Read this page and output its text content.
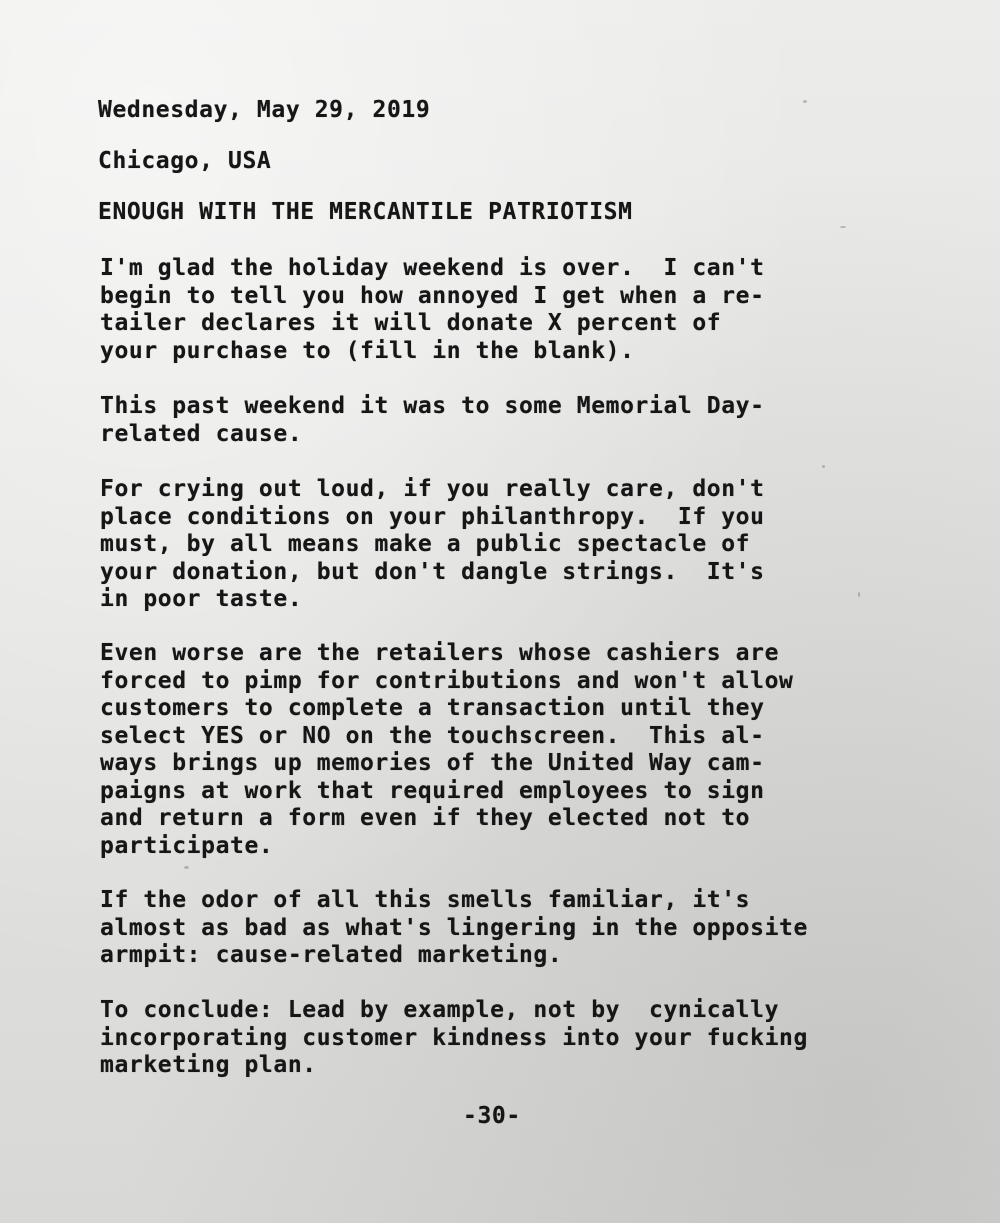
Wednesday, May 29, 2019
Chicago, USA
ENOUGH WITH THE MERCANTILE PATRIOTISM
I'm glad the holiday weekend is over.  I can't
begin to tell you how annoyed I get when a re-
tailer declares it will donate X percent of
your purchase to (fill in the blank).
This past weekend it was to some Memorial Day-
related cause.
For crying out loud, if you really care, don't
place conditions on your philanthropy.  If you
must, by all means make a public spectacle of
your donation, but don't dangle strings.  It's
in poor taste.
Even worse are the retailers whose cashiers are
forced to pimp for contributions and won't allow
customers to complete a transaction until they
select YES or NO on the touchscreen.  This al-
ways brings up memories of the United Way cam-
paigns at work that required employees to sign
and return a form even if they elected not to
participate.
If the odor of all this smells familiar, it's
almost as bad as what's lingering in the opposite
armpit: cause-related marketing.
To conclude: Lead by example, not by  cynically
incorporating customer kindness into your fucking
marketing plan.
-30-
